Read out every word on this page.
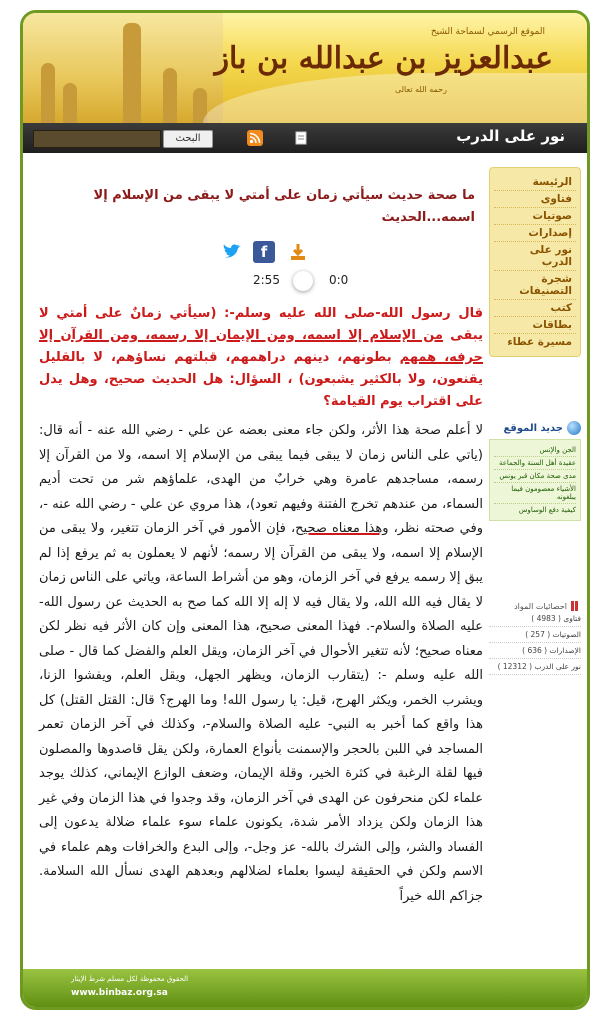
الموقع الرسمي لسماحة الشيخ
عبدالعزيز بن عبدالله بن باز
رحمه الله تعالى
نور على الدرب
البحث
ما صحة حديث سيأتي زمان على أمتي لا يبقى من الإسلام إلا اسمه...الحديث
f
2:55	0:0
قال رسول الله-صلى الله عليه وسلم-: (سيأتي زمانٌ على أمتي لا يبقى من الإسلام إلا اسمه، ومن الإيمان إلا رسمه، ومن القرآن إلا حرفه، همهم بطونهم، دينهم دراهمهم، قبلتهم نساؤهم، لا بالقليل يقنعون، ولا بالكثير يشبعون) ، السؤال: هل الحديث صحيح، وهل يدل على اقتراب يوم القيامة؟
لا أعلم صحة هذا الأثر، ولكن جاء معنى بعضه عن علي - رضي الله عنه - أنه قال: (ياتي على الناس زمان لا يبقى فيما يبقى من الإسلام إلا اسمه، ولا من القرآن إلا رسمه، مساجدهم عامرة وهي خرابٌ من الهدى، علماؤهم شر من تحت أديم السماء، من عندهم تخرج الفتنة وفيهم تعود)، هذا مروي عن علي - رضي الله عنه -، وفي صحته نظر، وهذا معناه صحيح، فإن الأمور في آخر الزمان تتغير، ولا يبقى من الإسلام إلا اسمه، ولا يبقى من القرآن إلا رسمه؛ لأنهم لا يعملون به ثم يرفع إذا لم يبق إلا رسمه يرفع في آخر الزمان، وهو من أشراط الساعة، وياتي على الناس زمان لا يقال فيه الله الله، ولا يقال فيه لا إله إلا الله كما صح به الحديث عن رسول الله- عليه الصلاة والسلام-. فهذا المعنى صحيح، هذا المعنى وإن كان الأثر فيه نظر لكن معناه صحيح؛ لأنه تتغير الأحوال في آخر الزمان، ويقل العلم والفضل كما قال - صلى الله عليه وسلم -: (يتقارب الزمان، ويظهر الجهل، ويقل العلم، ويفشوا الزنا، ويشرب الخمر، ويكثر الهرج، قيل: يا رسول الله! وما الهرج؟ قال: القتل القتل) كل هذا واقع كما أخبر به النبي- عليه الصلاة والسلام-، وكذلك في آخر الزمان تعمر المساجد في اللبن بالحجر والإسمنت بأنواع العمارة، ولكن يقل قاصدوها والمصلون فيها لقلة الرغبة في كثرة الخير، وقلة الإيمان، وضعف الوازع الإيماني، كذلك يوجد علماء لكن منحرفون عن الهدى في آخر الزمان، وقد وجدوا في هذا الزمان وفي غير هذا الزمان ولكن يزداد الأمر شدة، يكونون علماء سوء علماء ضلالة يدعون إلى الفساد والشر، وإلى الشرك بالله- عز وجل-، وإلى البدع والخرافات وهم علماء في الاسم ولكن في الحقيقة ليسوا بعلماء لضلالهم وبعدهم الهدى نسأل الله السلامة. جزاكم الله خيراً
الرئيسة
فتاوى
صوتيات
إصدارات
نور على الدرب
شجرة التصنيفات
كتب
بطاقات
مسيرة عطاء
جديد الموقع
الجن والإنس
عقيدة أهل السنة والجماعة
مدى صحة مكان قبر يونس
الأشياء معصومون فيما يبلغونه
كيفية دفع الوساوس
احصائيات المواد
فتاوى ( 4983 )
الصوتيات ( 257 )
الإصدارات ( 636 )
نور على الدرب ( 12312 )
الحقوق محفوظة لكل مسلم شرط الإيثار
www.binbaz.org.sa
